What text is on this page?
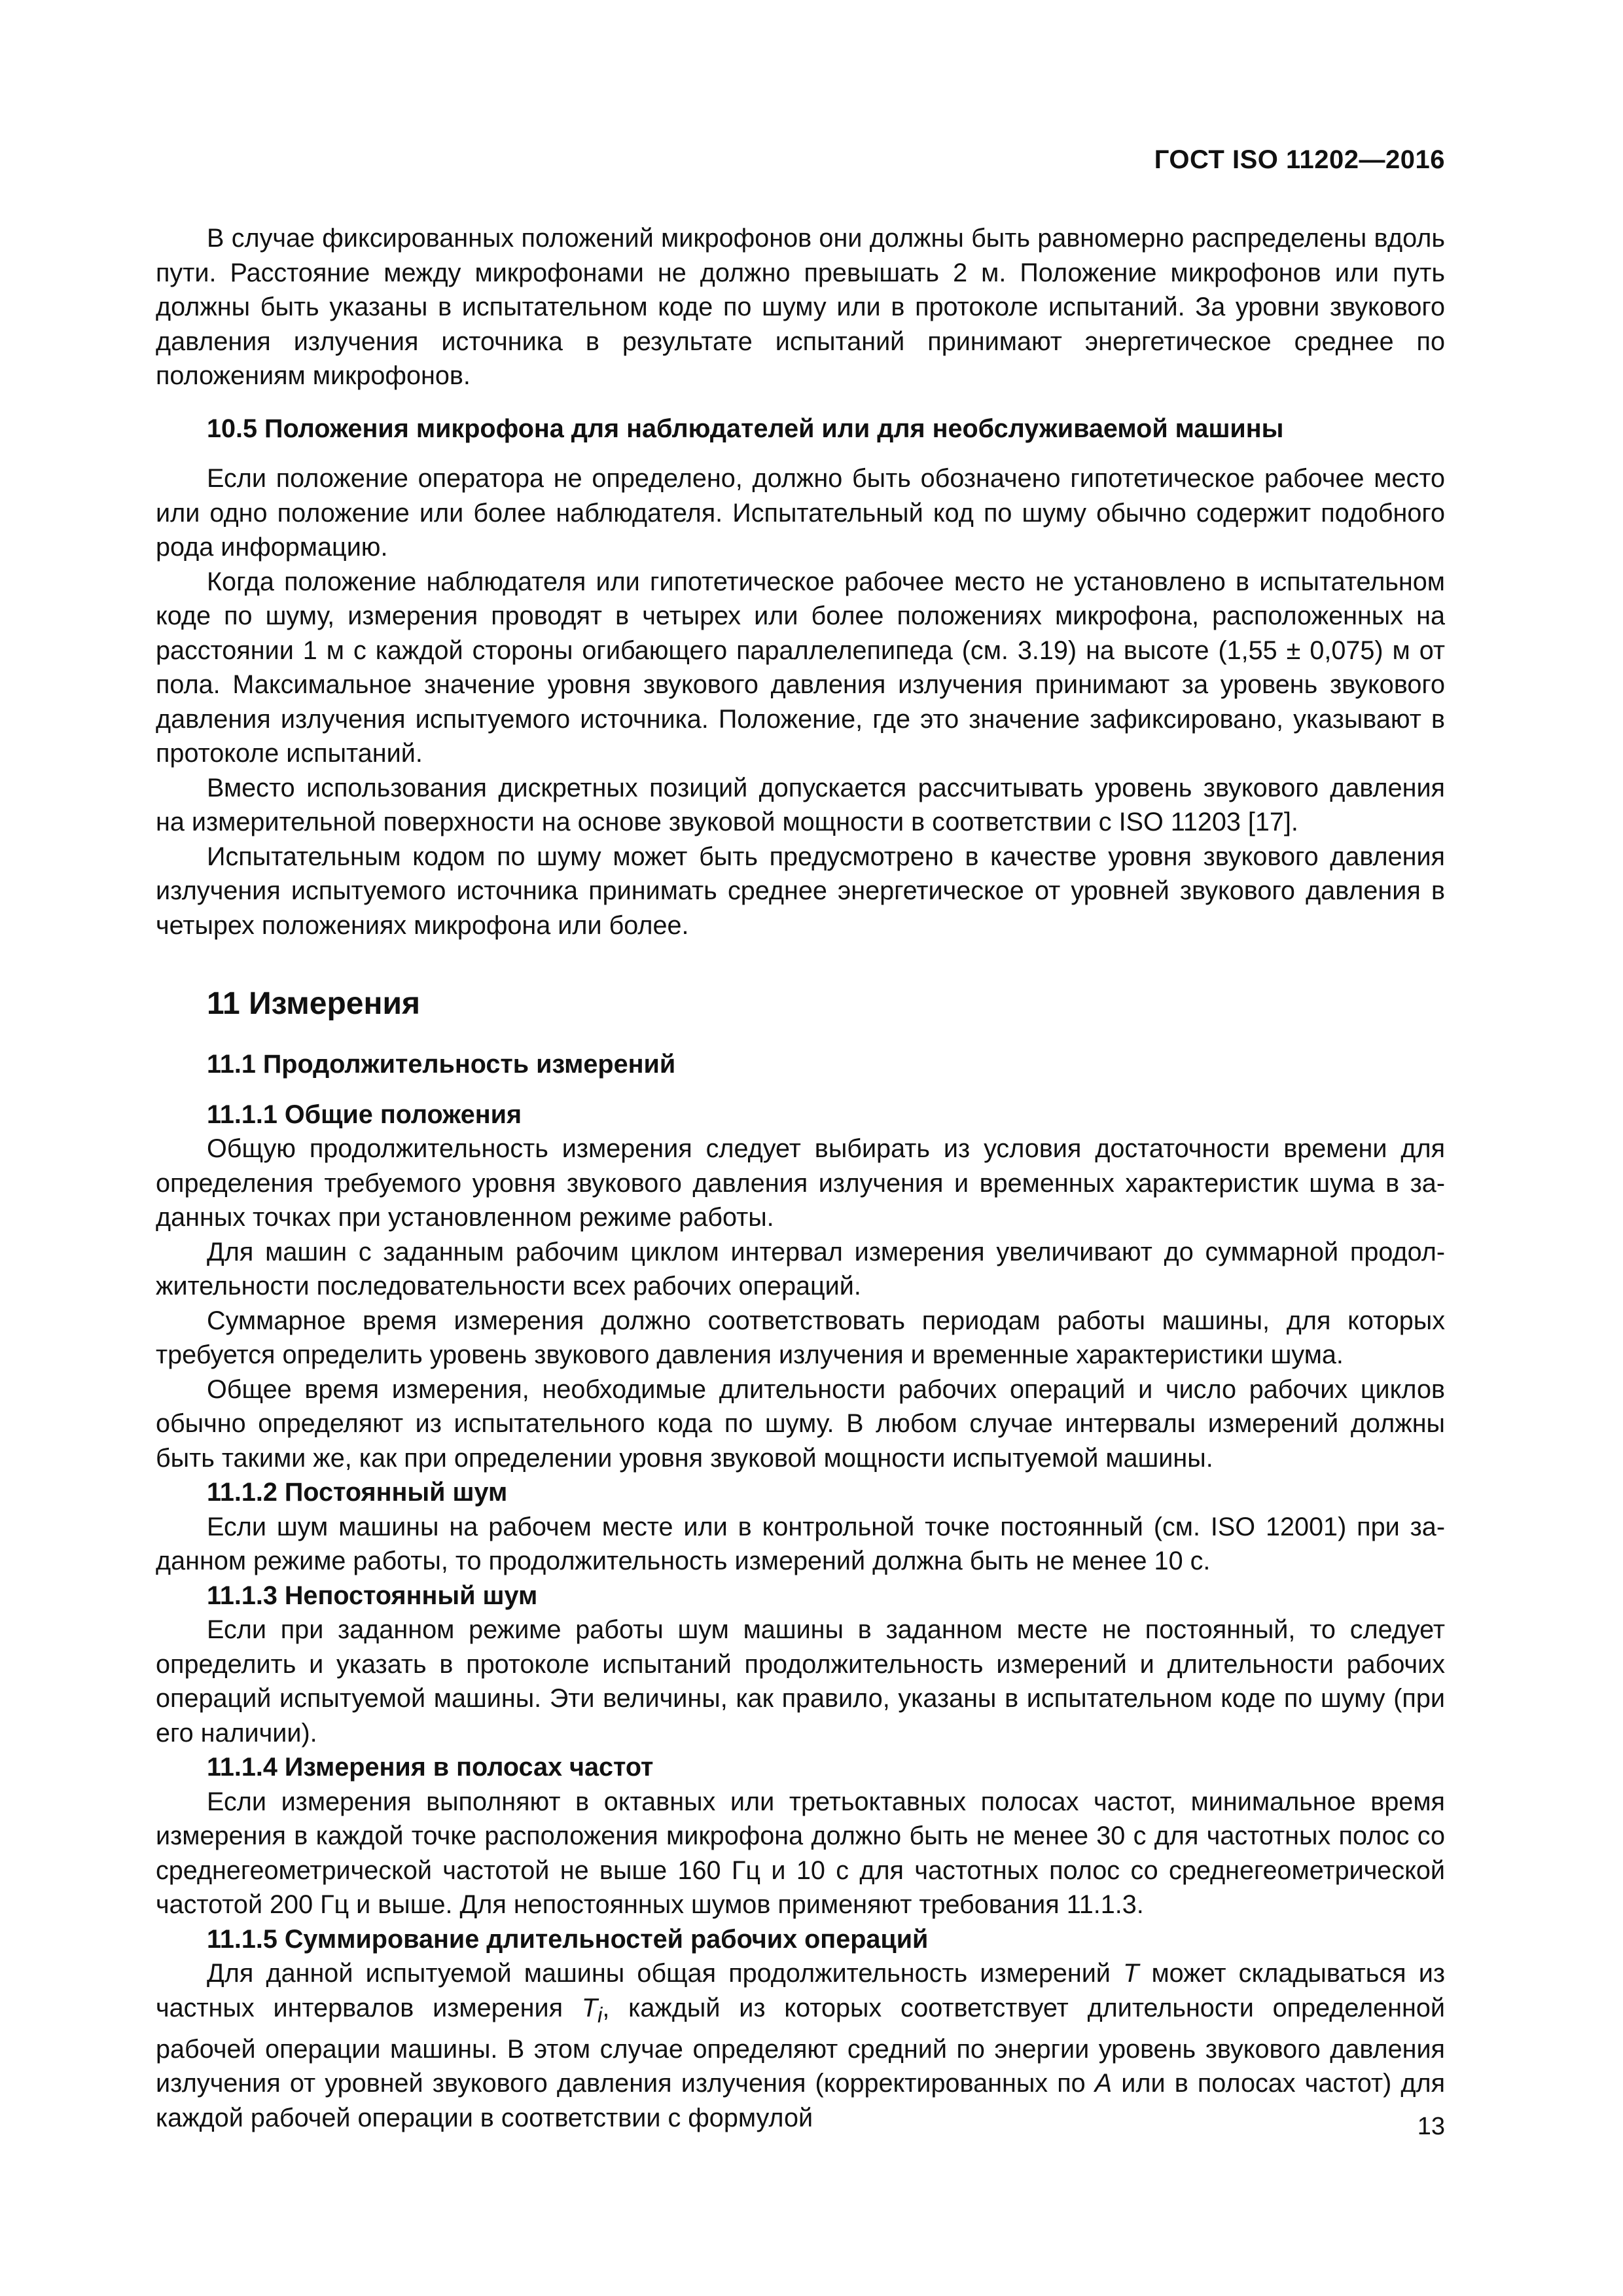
ГОСТ ISO 11202—2016

В случае фиксированных положений микрофонов они должны быть равномерно распределены вдоль пути. Расстояние между микрофонами не должно превышать 2 м. Положение микрофонов или путь должны быть указаны в испытательном коде по шуму или в протоколе испытаний. За уровни звукового давления излучения источника в результате испытаний принимают энергетическое среднее по положениям микрофонов.

10.5 Положения микрофона для наблюдателей или для необслуживаемой машины

Если положение оператора не определено, должно быть обозначено гипотетическое рабочее место или одно положение или более наблюдателя. Испытательный код по шуму обычно содержит подобного рода информацию.

Когда положение наблюдателя или гипотетическое рабочее место не установлено в испытательном коде по шуму, измерения проводят в четырех или более положениях микрофона, расположенных на расстоянии 1 м с каждой стороны огибающего параллелепипеда (см. 3.19) на высоте (1,55 ± 0,075) м от пола. Максимальное значение уровня звукового давления излучения принимают за уровень звукового давления излучения испытуемого источника. Положение, где это значение зафиксировано, указывают в протоколе испытаний.

Вместо использования дискретных позиций допускается рассчитывать уровень звукового давления на измерительной поверхности на основе звуковой мощности в соответствии с ISO 11203 [17].

Испытательным кодом по шуму может быть предусмотрено в качестве уровня звукового давления излучения испытуемого источника принимать среднее энергетическое от уровней звукового давления в четырех положениях микрофона или более.

11 Измерения
11.1 Продолжительность измерений
11.1.1 Общие положения

Общую продолжительность измерения следует выбирать из условия достаточности времени для определения требуемого уровня звукового давления излучения и временных характеристик шума в заданных точках при установленном режиме работы.

Для машин с заданным рабочим циклом интервал измерения увеличивают до суммарной продолжительности последовательности всех рабочих операций.

Суммарное время измерения должно соответствовать периодам работы машины, для которых требуется определить уровень звукового давления излучения и временные характеристики шума.

Общее время измерения, необходимые длительности рабочих операций и число рабочих циклов обычно определяют из испытательного кода по шуму. В любом случае интервалы измерений должны быть такими же, как при определении уровня звуковой мощности испытуемой машины.

11.1.2 Постоянный шум

Если шум машины на рабочем месте или в контрольной точке постоянный (см. ISO 12001) при заданном режиме работы, то продолжительность измерений должна быть не менее 10 с.

11.1.3 Непостоянный шум

Если при заданном режиме работы шум машины в заданном месте не постоянный, то следует определить и указать в протоколе испытаний продолжительность измерений и длительности рабочих операций испытуемой машины. Эти величины, как правило, указаны в испытательном коде по шуму (при его наличии).

11.1.4 Измерения в полосах частот

Если измерения выполняют в октавных или третьоктавных полосах частот, минимальное время измерения в каждой точке расположения микрофона должно быть не менее 30 с для частотных полос со среднегеометрической частотой не выше 160 Гц и 10 с для частотных полос со среднегеометрической частотой 200 Гц и выше. Для непостоянных шумов применяют требования 11.1.3.

11.1.5 Суммирование длительностей рабочих операций

Для данной испытуемой машины общая продолжительность измерений T может складываться из частных интервалов измерения $T_i$, каждый из которых соответствует длительности определенной рабочей операции машины. В этом случае определяют средний по энергии уровень звукового давления излучения от уровней звукового давления излучения (корректированных по A или в полосах частот) для каждой рабочей операции в соответствии с формулой	13
